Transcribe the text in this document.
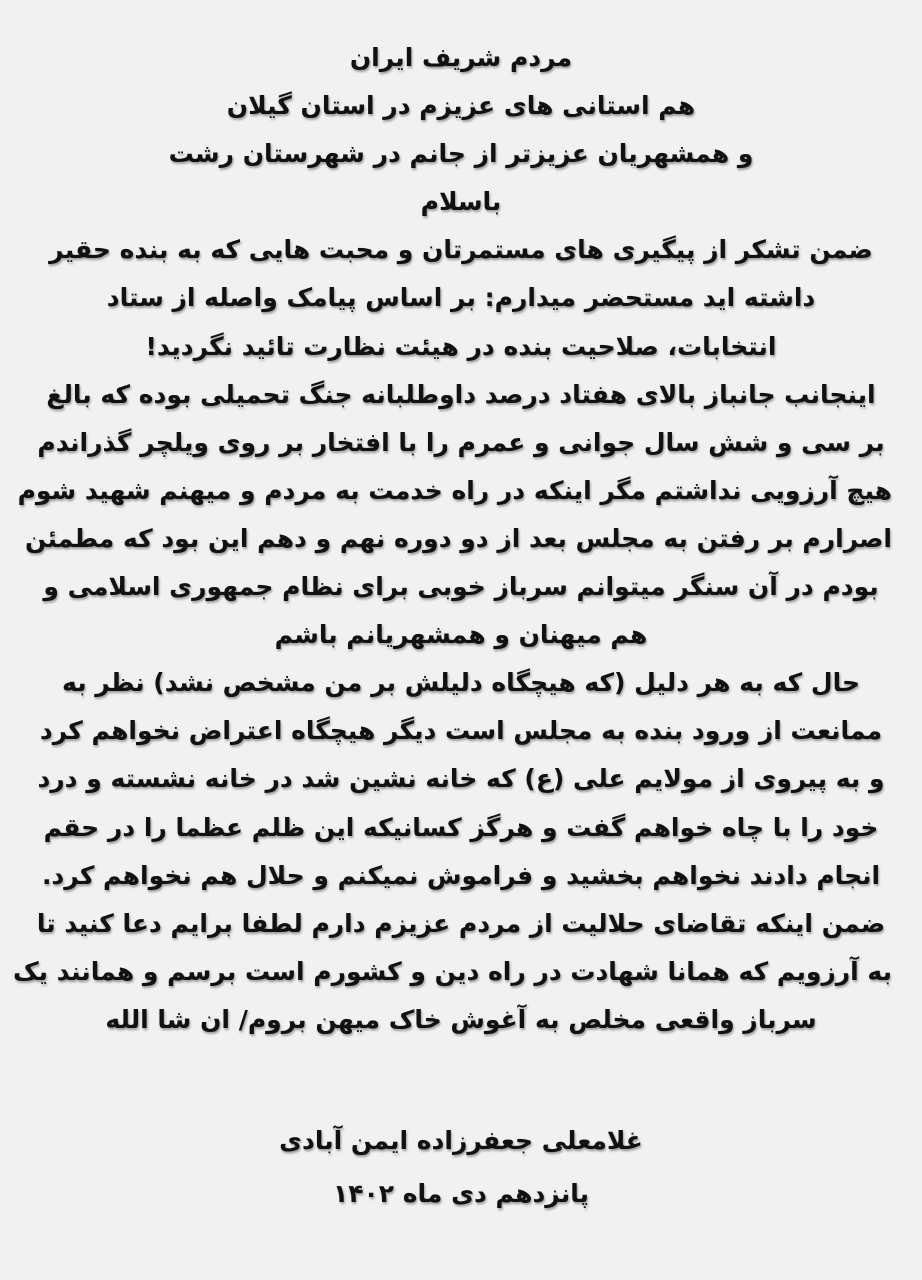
مردم شریف ایران
هم استانی های عزیزم در استان گیلان
و همشهریان عزیزتر از جانم در شهرستان رشت
باسلام
ضمن تشکر از پیگیری های مستمرتان و محبت هایی که به بنده حقیر
داشته اید مستحضر میدارم: بر اساس پیامک واصله از ستاد
انتخابات، صلاحیت بنده در هیئت نظارت تائید نگردید!
اینجانب جانباز بالای هفتاد درصد داوطلبانه جنگ تحمیلی بوده که بالغ
بر سی و شش سال جوانی و عمرم را با افتخار بر روی ویلچر گذراندم
هیچ آرزویی نداشتم مگر اینکه در راه خدمت به مردم و میهنم شهید شوم
اصرارم بر رفتن به مجلس بعد از دو دوره نهم و دهم این بود که مطمئن
بودم در آن سنگر میتوانم سرباز خوبی برای نظام جمهوری اسلامی و
هم میهنان و همشهریانم باشم
حال که به هر دلیل (که هیچگاه دلیلش بر من مشخص نشد) نظر به
ممانعت از ورود بنده به مجلس است دیگر هیچگاه اعتراض نخواهم کرد
و به پیروی از مولایم علی (ع) که خانه نشین شد در خانه نشسته و درد
خود را با چاه خواهم گفت و هرگز کسانیکه این ظلم عظما را در حقم
انجام دادند نخواهم بخشید و فراموش نمیکنم و حلال هم نخواهم کرد.
ضمن اینکه تقاضای حلالیت از مردم عزیزم دارم لطفا برایم دعا کنید تا
به آرزویم که همانا شهادت در راه دین و کشورم است برسم و همانند یک
سرباز واقعی مخلص به آغوش خاک میهن بروم/ ان شا الله
غلامعلی جعفرزاده ایمن آبادی
پانزدهم دی ماه ۱۴۰۲
